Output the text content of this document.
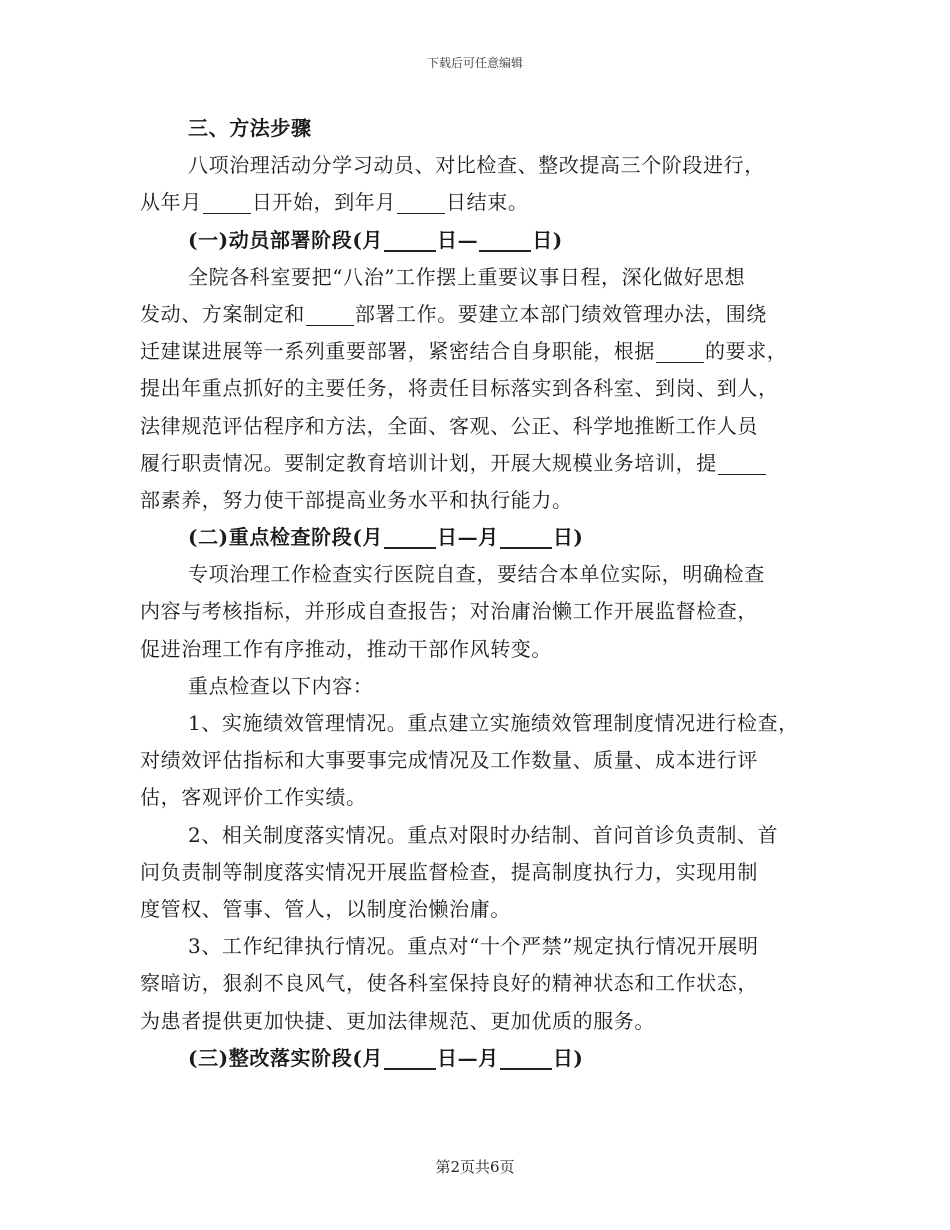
下载后可任意编辑
三、方法步骤
八项治理活动分学习动员、对比检查、整改提高三个阶段进行，
从年月	日开始，到年月	日结束。
(一)动员部署阶段(月	日—	日)
全院各科室要把“八治”工作摆上重要议事日程，深化做好思想
发动、方案制定和	部署工作。要建立本部门绩效管理办法，围绕
迁建谋进展等一系列重要部署，紧密结合自身职能，根据	的要求，
提出年重点抓好的主要任务，将责任目标落实到各科室、到岗、到人，
法律规范评估程序和方法，全面、客观、公正、科学地推断工作人员
履行职责情况。要制定教育培训计划，开展大规模业务培训，提
部素养，努力使干部提高业务水平和执行能力。
(二)重点检查阶段(月	日—月	日)
专项治理工作检查实行医院自查，要结合本单位实际，明确检查
内容与考核指标，并形成自查报告；对治庸治懒工作开展监督检查，
促进治理工作有序推动，推动干部作风转变。
重点检查以下内容：
1、实施绩效管理情况。重点建立实施绩效管理制度情况进行检查，
对绩效评估指标和大事要事完成情况及工作数量、质量、成本进行评
估，客观评价工作实绩。
2、相关制度落实情况。重点对限时办结制、首问首诊负责制、首
问负责制等制度落实情况开展监督检查，提高制度执行力，实现用制
度管权、管事、管人，以制度治懒治庸。
3、工作纪律执行情况。重点对“十个严禁”规定执行情况开展明
察暗访，狠刹不良风气，使各科室保持良好的精神状态和工作状态，
为患者提供更加快捷、更加法律规范、更加优质的服务。
(三)整改落实阶段(月	日—月	日)
第2页共6页
